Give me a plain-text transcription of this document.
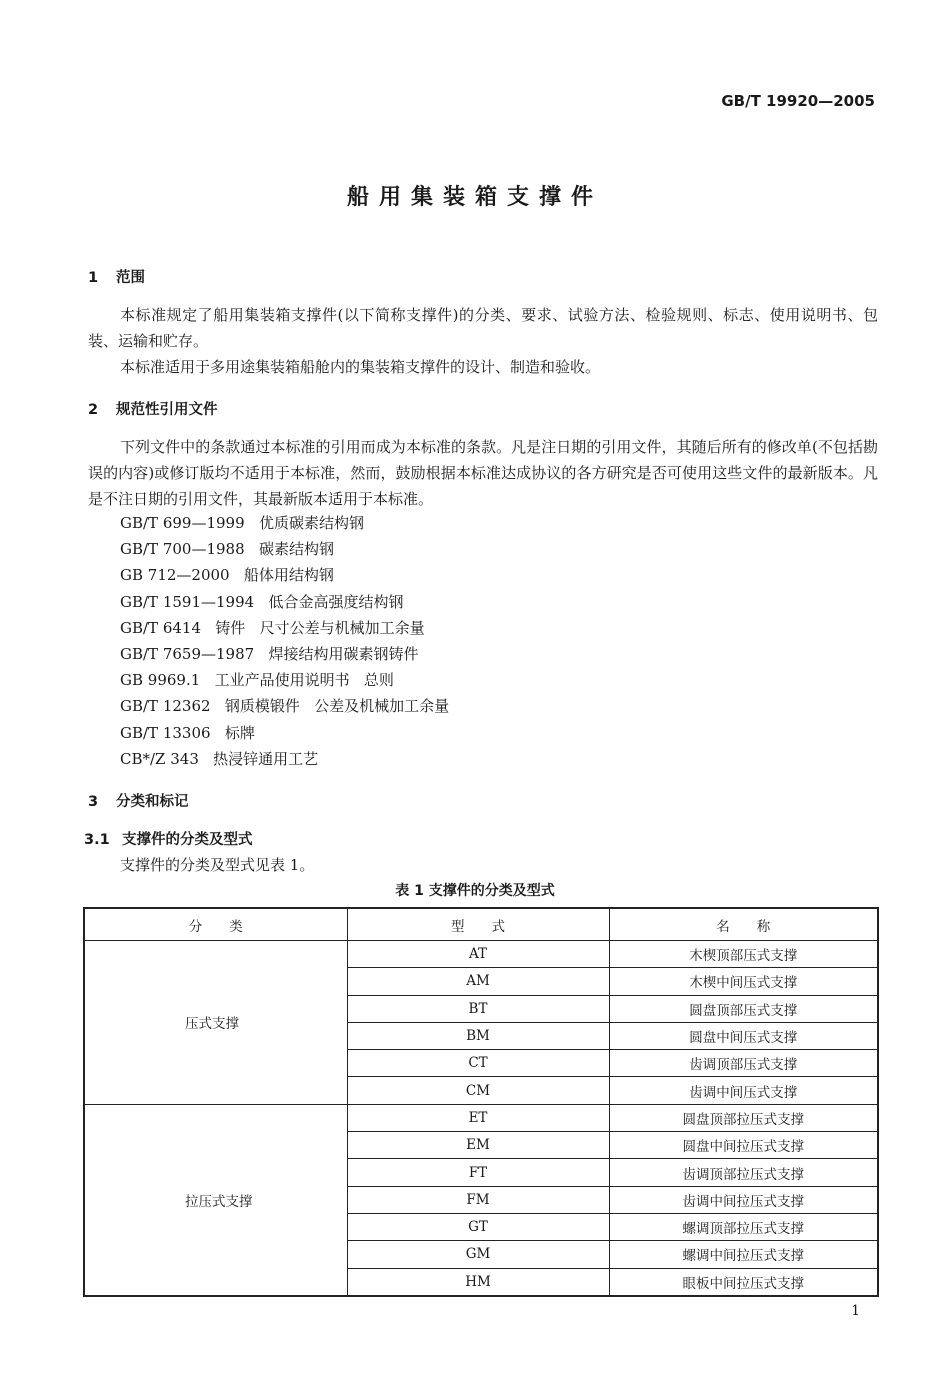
GB/T 19920—2005
船用集装箱支撑件
1 范围

本标准规定了船用集装箱支撑件(以下简称支撑件)的分类、要求、试验方法、检验规则、标志、使用说明书、包装、运输和贮存。

本标准适用于多用途集装箱船舱内的集装箱支撑件的设计、制造和验收。

2 规范性引用文件

下列文件中的条款通过本标准的引用而成为本标准的条款。凡是注日期的引用文件，其随后所有的修改单(不包括勘误的内容)或修订版均不适用于本标准，然而，鼓励根据本标准达成协议的各方研究是否可使用这些文件的最新版本。凡是不注日期的引用文件，其最新版本适用于本标准。

GB/T 699—1999   优质碳素结构钢
GB/T 700—1988   碳素结构钢
GB 712—2000   船体用结构钢
GB/T 1591—1994   低合金高强度结构钢
GB/T 6414   铸件   尺寸公差与机械加工余量
GB/T 7659—1987   焊接结构用碳素钢铸件
GB 9969.1   工业产品使用说明书   总则
GB/T 12362   钢质模锻件   公差及机械加工余量
GB/T 13306   标牌
CB*/Z 343   热浸锌通用工艺
3 分类和标记
3.1 支撑件的分类及型式

支撑件的分类及型式见表 1。

表 1 支撑件的分类及型式
分　　类	型　　式	名　　称
压式支撑	AT	木楔顶部压式支撑
	AM	木楔中间压式支撑
	BT	圆盘顶部压式支撑
	BM	圆盘中间压式支撑
	CT	齿调顶部压式支撑
	CM	齿调中间压式支撑
拉压式支撑	ET	圆盘顶部拉压式支撑
	EM	圆盘中间拉压式支撑
	FT	齿调顶部拉压式支撑
	FM	齿调中间拉压式支撑
	GT	螺调顶部拉压式支撑
	GM	螺调中间拉压式支撑
	HM	眼板中间拉压式支撑
1
